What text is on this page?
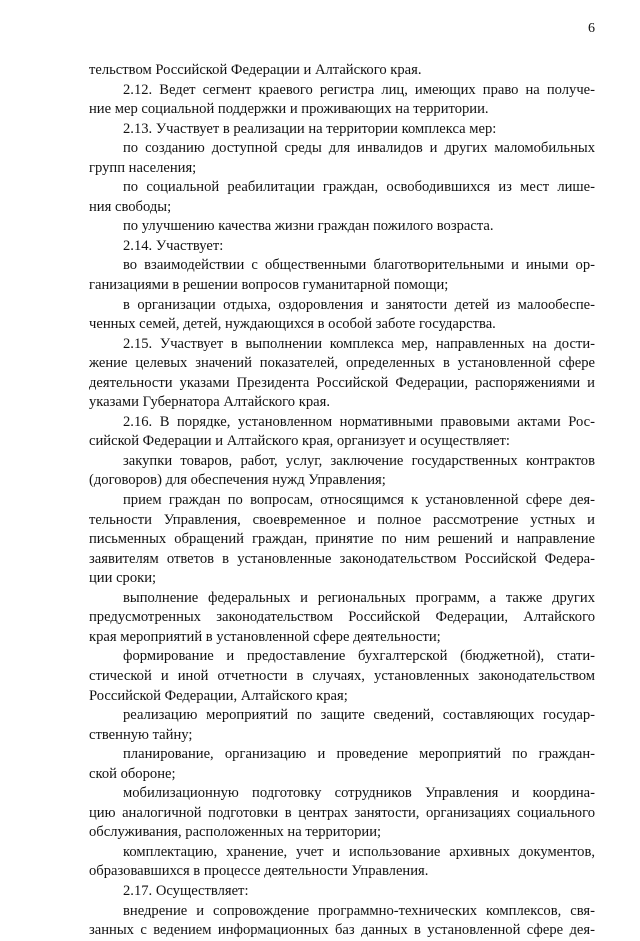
6
тельством Российской Федерации и Алтайского края.
2.12. Ведет сегмент краевого регистра лиц, имеющих право на получе-
ние мер социальной поддержки и проживающих на территории.
2.13. Участвует в реализации на территории комплекса мер:
по созданию доступной среды для инвалидов и других маломобильных
групп населения;
по социальной реабилитации граждан, освободившихся из мест лише-
ния свободы;
по улучшению качества жизни граждан пожилого возраста.
2.14. Участвует:
во взаимодействии с общественными благотворительными и иными ор-
ганизациями в решении вопросов гуманитарной помощи;
в организации отдыха, оздоровления и занятости детей из малообеспе-
ченных семей, детей, нуждающихся в особой заботе государства.
2.15. Участвует в выполнении комплекса мер, направленных на дости-
жение целевых значений показателей, определенных в установленной сфере
деятельности указами Президента Российской Федерации, распоряжениями и
указами Губернатора Алтайского края.
2.16. В порядке, установленном нормативными правовыми актами Рос-
сийской Федерации и Алтайского края, организует и осуществляет:
закупки товаров, работ, услуг, заключение государственных контрактов
(договоров) для обеспечения нужд Управления;
прием граждан по вопросам, относящимся к установленной сфере дея-
тельности Управления, своевременное и полное рассмотрение устных и
письменных обращений граждан, принятие по ним решений и направление
заявителям ответов в установленные законодательством Российской Федера-
ции сроки;
выполнение федеральных и региональных программ, а также других
предусмотренных законодательством Российской Федерации, Алтайского
края мероприятий в установленной сфере деятельности;
формирование и предоставление бухгалтерской (бюджетной), стати-
стической и иной отчетности в случаях, установленных законодательством
Российской Федерации, Алтайского края;
реализацию мероприятий по защите сведений, составляющих государ-
ственную тайну;
планирование, организацию и проведение мероприятий по граждан-
ской обороне;
мобилизационную подготовку сотрудников Управления и координа-
цию аналогичной подготовки в центрах занятости, организациях социального
обслуживания, расположенных на территории;
комплектацию, хранение, учет и использование архивных документов,
образовавшихся в процессе деятельности Управления.
2.17. Осуществляет:
внедрение и сопровождение программно-технических комплексов, свя-
занных с ведением информационных баз данных в установленной сфере дея-
